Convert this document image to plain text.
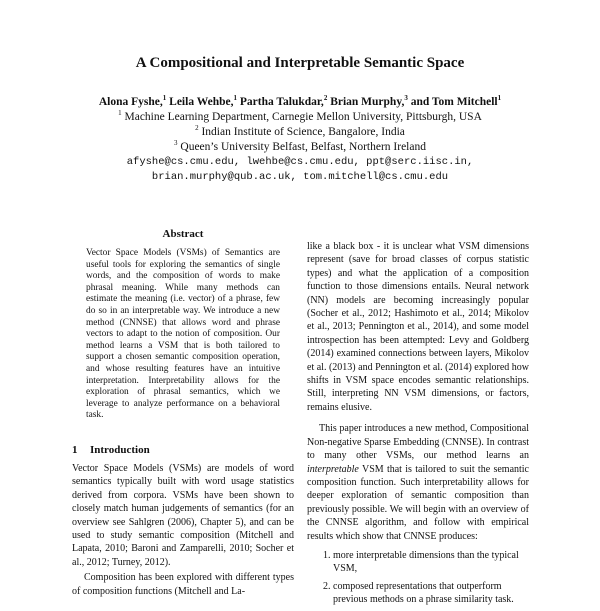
A Compositional and Interpretable Semantic Space
Alona Fyshe,$^1$ Leila Wehbe,$^1$ Partha Talukdar,$^2$ Brian Murphy,$^3$ and Tom Mitchell$^1$
$^1$ Machine Learning Department, Carnegie Mellon University, Pittsburgh, USA
$^2$ Indian Institute of Science, Bangalore, India
$^3$ Queen’s University Belfast, Belfast, Northern Ireland
afyshe@cs.cmu.edu, lwehbe@cs.cmu.edu, ppt@serc.iisc.in,
brian.murphy@qub.ac.uk, tom.mitchell@cs.cmu.edu
Abstract

Vector Space Models (VSMs) of Semantics are useful tools for exploring the semantics of single words, and the composition of words to make phrasal meaning. While many methods can estimate the meaning (i.e. vector) of a phrase, few do so in an interpretable way. We introduce a new method (CNNSE) that allows word and phrase vectors to adapt to the notion of composition. Our method learns a VSM that is both tailored to support a chosen semantic composition operation, and whose resulting features have an intuitive interpretation. Interpretability allows for the exploration of phrasal semantics, which we leverage to analyze performance on a behavioral task.

1 Introduction

Vector Space Models (VSMs) are models of word semantics typically built with word usage statistics derived from corpora. VSMs have been shown to closely match human judgements of semantics (for an overview see Sahlgren (2006), Chapter 5), and can be used to study semantic composition (Mitchell and Lapata, 2010; Baroni and Zamparelli, 2010; Socher et al., 2012; Turney, 2012).

Composition has been explored with different types of composition functions (Mitchell and La-

like a black box - it is unclear what VSM dimensions represent (save for broad classes of corpus statistic types) and what the application of a composition function to those dimensions entails. Neural network (NN) models are becoming increasingly popular (Socher et al., 2012; Hashimoto et al., 2014; Mikolov et al., 2013; Pennington et al., 2014), and some model introspection has been attempted: Levy and Goldberg (2014) examined connections between layers, Mikolov et al. (2013) and Pennington et al. (2014) explored how shifts in VSM space encodes semantic relationships. Still, interpreting NN VSM dimensions, or factors, remains elusive.

This paper introduces a new method, Compositional Non-negative Sparse Embedding (CNNSE). In contrast to many other VSMs, our method learns an interpretable VSM that is tailored to suit the semantic composition function. Such interpretability allows for deeper exploration of semantic composition than previously possible. We will begin with an overview of the CNNSE algorithm, and follow with empirical results which show that CNNSE produces:

1. more interpretable dimensions than the typical VSM,
2. composed representations that outperform previous methods on a phrase similarity task.
